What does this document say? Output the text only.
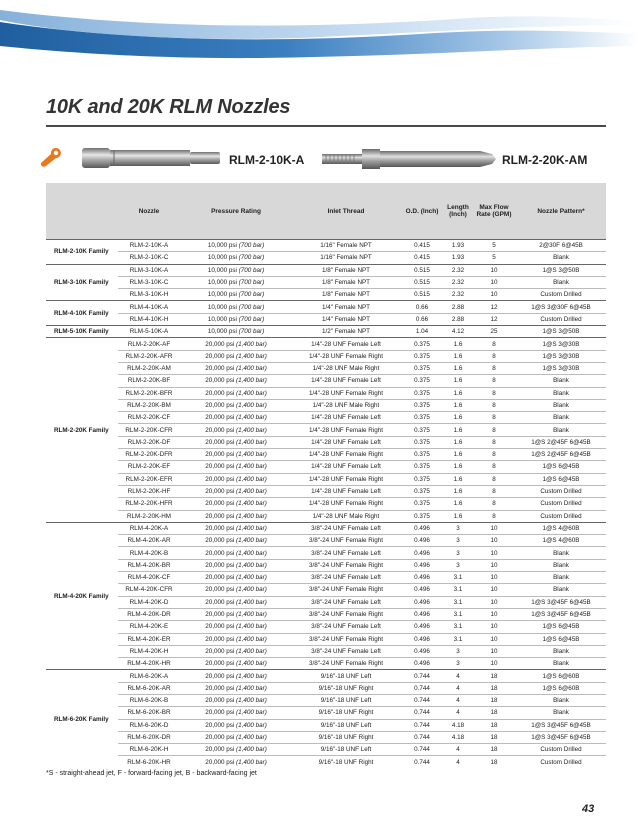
10K and 20K RLM Nozzles
RLM-2-10K-A	RLM-2-20K-AM
	Nozzle	Pressure Rating	Inlet Thread	O.D. (Inch)	Length (Inch)	Max Flow Rate (GPM)	Nozzle Pattern*
RLM-2-10K Family	RLM-2-10K-A	10,000 psi (700 bar)	1/16" Female NPT	0.415	1.93	5	2@30F 6@45B
	RLM-2-10K-C	10,000 psi (700 bar)	1/16" Female NPT	0.415	1.93	5	Blank
RLM-3-10K Family	RLM-3-10K-A	10,000 psi (700 bar)	1/8" Female NPT	0.515	2.32	10	1@S 3@50B
	RLM-3-10K-C	10,000 psi (700 bar)	1/8" Female NPT	0.515	2.32	10	Blank
	RLM-3-10K-H	10,000 psi (700 bar)	1/8" Female NPT	0.515	2.32	10	Custom Drilled
RLM-4-10K Family	RLM-4-10K-A	10,000 psi (700 bar)	1/4" Female NPT	0.66	2.88	12	1@S 3@30F 6@45B
	RLM-4-10K-H	10,000 psi (700 bar)	1/4" Female NPT	0.66	2.88	12	Custom Drilled
RLM-5-10K Family	RLM-5-10K-A	10,000 psi (700 bar)	1/2" Female NPT	1.04	4.12	25	1@S 3@50B
RLM-2-20K Family	RLM-2-20K-AF	20,000 psi (1,400 bar)	1/4"-28 UNF Female Left	0.375	1.6	8	1@S 3@30B
	RLM-2-20K-AFR	20,000 psi (1,400 bar)	1/4"-28 UNF Female Right	0.375	1.6	8	1@S 3@30B
	RLM-2-20K-AM	20,000 psi (1,400 bar)	1/4"-28 UNF Male Right	0.375	1.6	8	1@S 3@30B
	RLM-2-20K-BF	20,000 psi (1,400 bar)	1/4"-28 UNF Female Left	0.375	1.6	8	Blank
	RLM-2-20K-BFR	20,000 psi (1,400 bar)	1/4"-28 UNF Female Right	0.375	1.6	8	Blank
	RLM-2-20K-BM	20,000 psi (1,400 bar)	1/4"-28 UNF Male Right	0.375	1.6	8	Blank
	RLM-2-20K-CF	20,000 psi (1,400 bar)	1/4"-28 UNF Female Left	0.375	1.6	8	Blank
	RLM-2-20K-CFR	20,000 psi (1,400 bar)	1/4"-28 UNF Female Right	0.375	1.6	8	Blank
	RLM-2-20K-DF	20,000 psi (1,400 bar)	1/4"-28 UNF Female Left	0.375	1.6	8	1@S 2@45F 6@45B
	RLM-2-20K-DFR	20,000 psi (1,400 bar)	1/4"-28 UNF Female Right	0.375	1.6	8	1@S 2@45F 6@45B
	RLM-2-20K-EF	20,000 psi (1,400 bar)	1/4"-28 UNF Female Left	0.375	1.6	8	1@S 6@45B
	RLM-2-20K-EFR	20,000 psi (1,400 bar)	1/4"-28 UNF Female Right	0.375	1.6	8	1@S 6@45B
	RLM-2-20K-HF	20,000 psi (1,400 bar)	1/4"-28 UNF Female Left	0.375	1.6	8	Custom Drilled
	RLM-2-20K-HFR	20,000 psi (1,400 bar)	1/4"-28 UNF Female Right	0.375	1.6	8	Custom Drilled
	RLM-2-20K-HM	20,000 psi (1,400 bar)	1/4"-28 UNF Male Right	0.375	1.6	8	Custom Drilled
RLM-4-20K Family	RLM-4-20K-A	20,000 psi (1,400 bar)	3/8"-24 UNF Female Left	0.496	3	10	1@S 4@60B
	RLM-4-20K-AR	20,000 psi (1,400 bar)	3/8"-24 UNF Female Right	0.496	3	10	1@S 4@60B
	RLM-4-20K-B	20,000 psi (1,400 bar)	3/8"-24 UNF Female Left	0.496	3	10	Blank
	RLM-4-20K-BR	20,000 psi (1,400 bar)	3/8"-24 UNF Female Right	0.496	3	10	Blank
	RLM-4-20K-CF	20,000 psi (1,400 bar)	3/8"-24 UNF Female Left	0.496	3.1	10	Blank
	RLM-4-20K-CFR	20,000 psi (1,400 bar)	3/8"-24 UNF Female Right	0.496	3.1	10	Blank
	RLM-4-20K-D	20,000 psi (1,400 bar)	3/8"-24 UNF Female Left	0.496	3.1	10	1@S 3@45F 6@45B
	RLM-4-20K-DR	20,000 psi (1,400 bar)	3/8"-24 UNF Female Right	0.496	3.1	10	1@S 3@45F 6@45B
	RLM-4-20K-E	20,000 psi (1,400 bar)	3/8"-24 UNF Female Left	0.496	3.1	10	1@S 6@45B
	RLM-4-20K-ER	20,000 psi (1,400 bar)	3/8"-24 UNF Female Right	0.496	3.1	10	1@S 6@45B
	RLM-4-20K-H	20,000 psi (1,400 bar)	3/8"-24 UNF Female Left	0.496	3	10	Blank
	RLM-4-20K-HR	20,000 psi (1,400 bar)	3/8"-24 UNF Female Right	0.496	3	10	Blank
RLM-6-20K Family	RLM-6-20K-A	20,000 psi (1,400 bar)	9/16"-18 UNF Left	0.744	4	18	1@S 6@60B
	RLM-6-20K-AR	20,000 psi (1,400 bar)	9/16"-18 UNF Right	0.744	4	18	1@S 6@60B
	RLM-6-20K-B	20,000 psi (1,400 bar)	9/16"-18 UNF Left	0.744	4	18	Blank
	RLM-6-20K-BR	20,000 psi (1,400 bar)	9/16"-18 UNF Right	0.744	4	18	Blank
	RLM-6-20K-D	20,000 psi (1,400 bar)	9/16"-18 UNF Left	0.744	4.18	18	1@S 3@45F 6@45B
	RLM-6-20K-DR	20,000 psi (1,400 bar)	9/16"-18 UNF Right	0.744	4.18	18	1@S 3@45F 6@45B
	RLM-6-20K-H	20,000 psi (1,400 bar)	9/16"-18 UNF Left	0.744	4	18	Custom Drilled
	RLM-6-20K-HR	20,000 psi (1,400 bar)	9/16"-18 UNF Right	0.744	4	18	Custom Drilled
*S - straight-ahead jet, F - forward-facing jet, B - backward-facing jet
43
